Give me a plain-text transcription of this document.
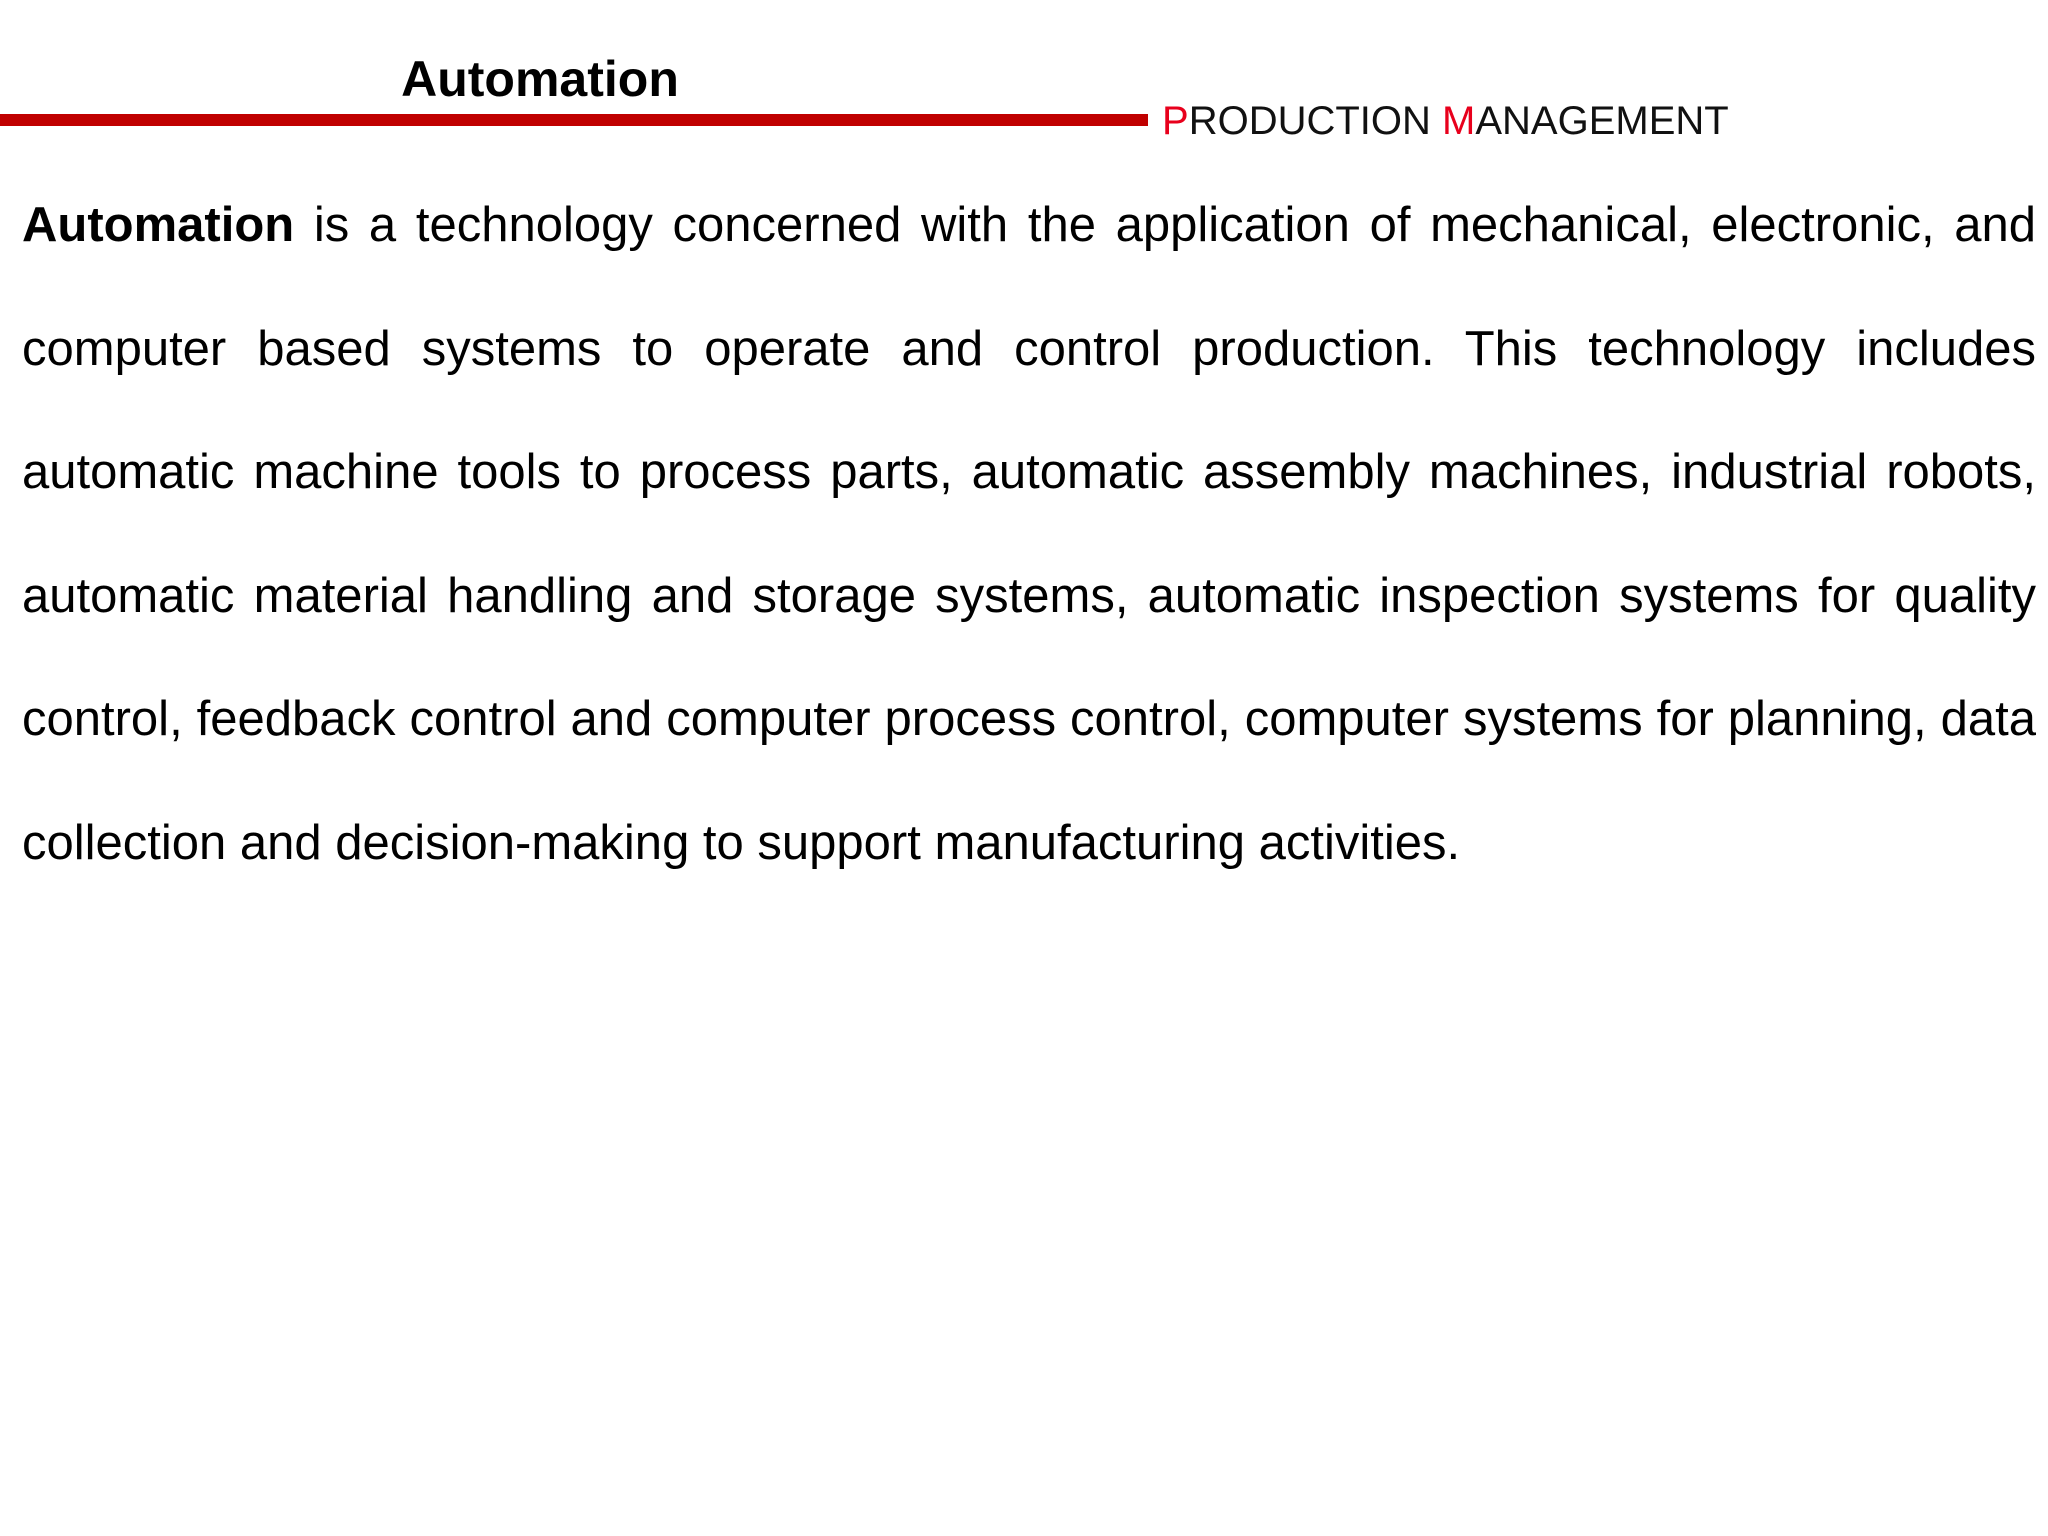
Automation
PRODUCTION MANAGEMENT

Automation is a technology concerned with the application of mechanical, electronic, and computer based systems to operate and control production. This technology includes automatic machine tools to process parts, automatic assembly machines, industrial robots, automatic material handling and storage systems, automatic inspection systems for quality control, feedback control and computer process control, computer systems for planning, data collection and decision-making to support manufacturing activities.
